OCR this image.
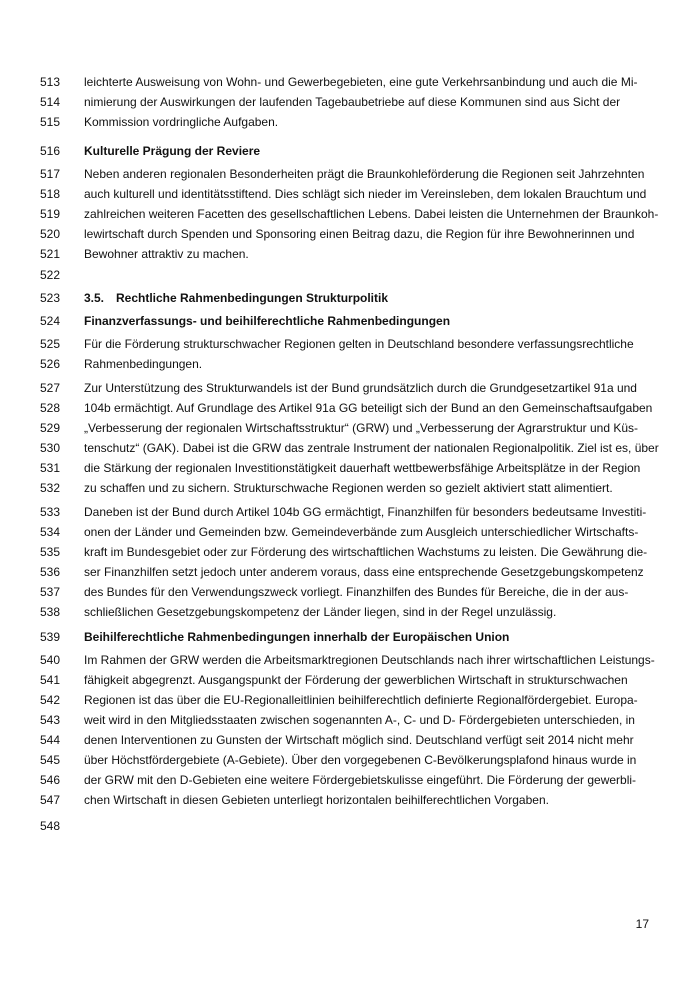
513	leichterte Ausweisung von Wohn- und Gewerbegebieten, eine gute Verkehrsanbindung und auch die Mi-
514	nimierung der Auswirkungen der laufenden Tagebaubetriebe auf diese Kommunen sind aus Sicht der
515	Kommission vordringliche Aufgaben.
516	Kulturelle Prägung der Reviere
517	Neben anderen regionalen Besonderheiten prägt die Braunkohleförderung die Regionen seit Jahrzehnten
518	auch kulturell und identitätsstiftend. Dies schlägt sich nieder im Vereinsleben, dem lokalen Brauchtum und
519	zahlreichen weiteren Facetten des gesellschaftlichen Lebens. Dabei leisten die Unternehmen der Braunkoh-
520	lewirtschaft durch Spenden und Sponsoring einen Beitrag dazu, die Region für ihre Bewohnerinnen und
521	Bewohner attraktiv zu machen.
522
523	3.5. Rechtliche Rahmenbedingungen Strukturpolitik
524	Finanzverfassungs- und beihilferechtliche Rahmenbedingungen
525	Für die Förderung strukturschwacher Regionen gelten in Deutschland besondere verfassungsrechtliche
526	Rahmenbedingungen.
527	Zur Unterstützung des Strukturwandels ist der Bund grundsätzlich durch die Grundgesetzartikel 91a und
528	104b ermächtigt. Auf Grundlage des Artikel 91a GG beteiligt sich der Bund an den Gemeinschaftsaufgaben
529	„Verbesserung der regionalen Wirtschaftsstruktur“ (GRW) und „Verbesserung der Agrarstruktur und Küs-
530	tenschutz“ (GAK). Dabei ist die GRW das zentrale Instrument der nationalen Regionalpolitik. Ziel ist es, über
531	die Stärkung der regionalen Investitionstätigkeit dauerhaft wettbewerbsfähige Arbeitsplätze in der Region
532	zu schaffen und zu sichern. Strukturschwache Regionen werden so gezielt aktiviert statt alimentiert.
533	Daneben ist der Bund durch Artikel 104b GG ermächtigt, Finanzhilfen für besonders bedeutsame Investiti-
534	onen der Länder und Gemeinden bzw. Gemeindeverbände zum Ausgleich unterschiedlicher Wirtschafts-
535	kraft im Bundesgebiet oder zur Förderung des wirtschaftlichen Wachstums zu leisten. Die Gewährung die-
536	ser Finanzhilfen setzt jedoch unter anderem voraus, dass eine entsprechende Gesetzgebungskompetenz
537	des Bundes für den Verwendungszweck vorliegt. Finanzhilfen des Bundes für Bereiche, die in der aus-
538	schließlichen Gesetzgebungskompetenz der Länder liegen, sind in der Regel unzulässig.
539	Beihilferechtliche Rahmenbedingungen innerhalb der Europäischen Union
540	Im Rahmen der GRW werden die Arbeitsmarktregionen Deutschlands nach ihrer wirtschaftlichen Leistungs-
541	fähigkeit abgegrenzt. Ausgangspunkt der Förderung der gewerblichen Wirtschaft in strukturschwachen
542	Regionen ist das über die EU-Regionalleitlinien beihilferechtlich definierte Regionalfördergebiet. Europa-
543	weit wird in den Mitgliedsstaaten zwischen sogenannten A-, C- und D- Fördergebieten unterschieden, in
544	denen Interventionen zu Gunsten der Wirtschaft möglich sind. Deutschland verfügt seit 2014 nicht mehr
545	über Höchstfördergebiete (A-Gebiete). Über den vorgegebenen C-Bevölkerungsplafond hinaus wurde in
546	der GRW mit den D-Gebieten eine weitere Fördergebietskulisse eingeführt. Die Förderung der gewerbli-
547	chen Wirtschaft in diesen Gebieten unterliegt horizontalen beihilferechtlichen Vorgaben.
548
17
